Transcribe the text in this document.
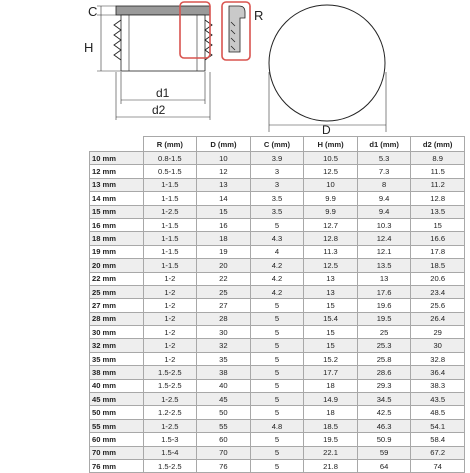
C
H
d1
d2
R
D
	R (mm)	D (mm)	C (mm)	H (mm)	d1 (mm)	d2 (mm)
10 mm	0.8-1.5	10	3.9	10.5	5.3	8.9
12 mm	0.5-1.5	12	3	12.5	7.3	11.5
13 mm	1-1.5	13	3	10	8	11.2
14 mm	1-1.5	14	3.5	9.9	9.4	12.8
15 mm	1-2.5	15	3.5	9.9	9.4	13.5
16 mm	1-1.5	16	5	12.7	10.3	15
18 mm	1-1.5	18	4.3	12.8	12.4	16.6
19 mm	1-1.5	19	4	11.3	12.1	17.8
20 mm	1-1.5	20	4.2	12.5	13.5	18.5
22 mm	1-2	22	4.2	13	13	20.6
25 mm	1-2	25	4.2	13	17.6	23.4
27 mm	1-2	27	5	15	19.6	25.6
28 mm	1-2	28	5	15.4	19.5	26.4
30 mm	1-2	30	5	15	25	29
32 mm	1-2	32	5	15	25.3	30
35 mm	1-2	35	5	15.2	25.8	32.8
38 mm	1.5-2.5	38	5	17.7	28.6	36.4
40 mm	1.5-2.5	40	5	18	29.3	38.3
45 mm	1-2.5	45	5	14.9	34.5	43.5
50 mm	1.2-2.5	50	5	18	42.5	48.5
55 mm	1-2.5	55	4.8	18.5	46.3	54.1
60 mm	1.5-3	60	5	19.5	50.9	58.4
70 mm	1.5-4	70	5	22.1	59	67.2
76 mm	1.5-2.5	76	5	21.8	64	74
